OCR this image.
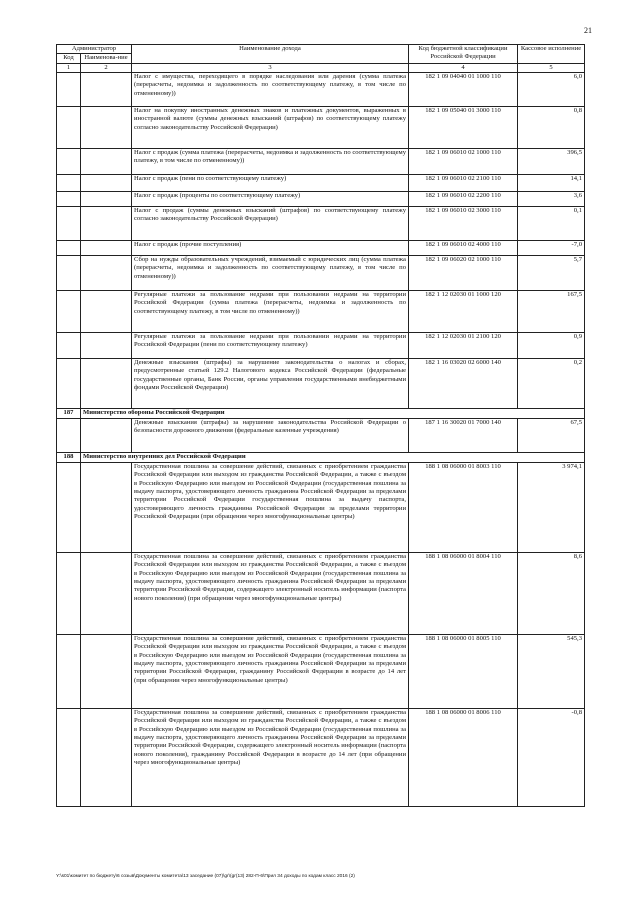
21
Администратор		Наименование дохода	Код бюджетной классификации Российской Федерации	Кассовое исполнение
Код	Наименова-ние			
1	2	3	4	5
		Налог с имущества, переходящего в порядке наследования или дарения (сумма платежа (перерасчеты, недоимка и задолженность по соответствующему платежу, в том числе по отмененному))	182 1 09 04040 01 1000 110	6,0
		Налог на покупку иностранных денежных знаков и платежных документов, выраженных в иностранной валюте (суммы денежных взысканий (штрафов) по соответствующему платежу согласно законодательству Российской Федерации)	182 1 09 05040 01 3000 110	0,8
		Налог с продаж (сумма платежа (перерасчеты, недоимка и задолженность по соответствующему платежу, в том числе по отмененному))	182 1 09 06010 02 1000 110	396,5
		Налог с продаж (пени по соответствующему платежу)	182 1 09 06010 02 2100 110	14,1
		Налог с продаж (проценты по соответствующему платежу)	182 1 09 06010 02 2200 110	3,6
		Налог с продаж (суммы денежных взысканий (штрафов) по соответствующему платежу согласно законодательству Российской Федерации)	182 1 09 06010 02 3000 110	0,1
		Налог с продаж (прочие поступления)	182 1 09 06010 02 4000 110	-7,0
		Сбор на нужды образовательных учреждений, взимаемый с юридических лиц (сумма платежа (перерасчеты, недоимка и задолженность по соответствующему платежу, в том числе по отмененному))	182 1 09 06020 02 1000 110	5,7
		Регулярные платежи за пользование недрами при пользовании недрами на территории Российской Федерации (сумма платежа (перерасчеты, недоимка и задолженность по соответствующему платежу, в том числе по отмененному))	182 1 12 02030 01 1000 120	167,5
		Регулярные платежи за пользование недрами при пользовании недрами на территории Российской Федерации (пени по соответствующему платежу)	182 1 12 02030 01 2100 120	0,9
		Денежные взыскания (штрафы) за нарушение законодательства о налогах и сборах, предусмотренные статьей 129.2 Налогового кодекса Российской Федерации (федеральные государственные органы, Банк России, органы управления государственными внебюджетными фондами Российской Федерации)	182 1 16 03020 02 6000 140	0,2
187	Министерство обороны Российской Федерации			
		Денежные взыскания (штрафы) за нарушение законодательства Российской Федерации о безопасности дорожного движения (федеральные казенные учреждения)	187 1 16 30020 01 7000 140	67,5
188	Министерство внутренних дел Российской Федерации			
		Государственная пошлина за совершение действий, связанных с приобретением гражданства Российской Федерации или выходом из гражданства Российской Федерации, а также с въездом в Российскую Федерацию или выездом из Российской Федерации (государственная пошлина за выдачу паспорта, удостоверяющего личность гражданина Российской Федерации за пределами территории Российской Федерации государственная пошлина за выдачу паспорта, удостоверяющего личность гражданина Российской Федерации за пределами территории Российской Федерации (при обращении через многофункциональные центры)	188 1 08 06000 01 8003 110	3 974,1
		Государственная пошлина за совершение действий, связанных с приобретением гражданства Российской Федерации или выходом из гражданства Российской Федерации, а также с въездом в Российскую Федерацию или выездом из Российской Федерации (государственная пошлина за выдачу паспорта, удостоверяющего личность гражданина Российской Федерации за пределами территории Российской Федерации, содержащего электронный носитель информации (паспорта нового поколения) (при обращении через многофункциональные центры)	188 1 08 06000 01 8004 110	8,6
		Государственная пошлина за совершение действий, связанных с приобретением гражданства Российской Федерации или выходом из гражданства Российской Федерации, а также с въездом в Российскую Федерацию или выездом из Российской Федерации (государственная пошлина за выдачу паспорта, удостоверяющего личность гражданина Российской Федерации за пределами территории Российской Федерации, гражданину Российской Федерации в возрасте до 14 лет (при обращении через многофункциональные центры)	188 1 08 06000 01 8005 110	545,3
		Государственная пошлина за совершение действий, связанных с приобретением гражданства Российской Федерации или выходом из гражданства Российской Федерации, а также с въездом в Российскую Федерацию или выездом из Российской Федерации (государственная пошлина за выдачу паспорта, удостоверяющего личность гражданина Российской Федерации за пределами территории Российской Федерации, содержащего электронный носитель информации (паспорта нового поколения), гражданину Российской Федерации в возрасте до 14 лет (при обращении через многофункциональные центры)	188 1 08 06000 01 8006 110	-0,8
Y:\s01\комитет по бюджету\6 созыв\Документы комитета\13 заседание (07)\gr\(gr(13) 282-П-6\Прил 34 доходы по кодам класс 2016 (2)
